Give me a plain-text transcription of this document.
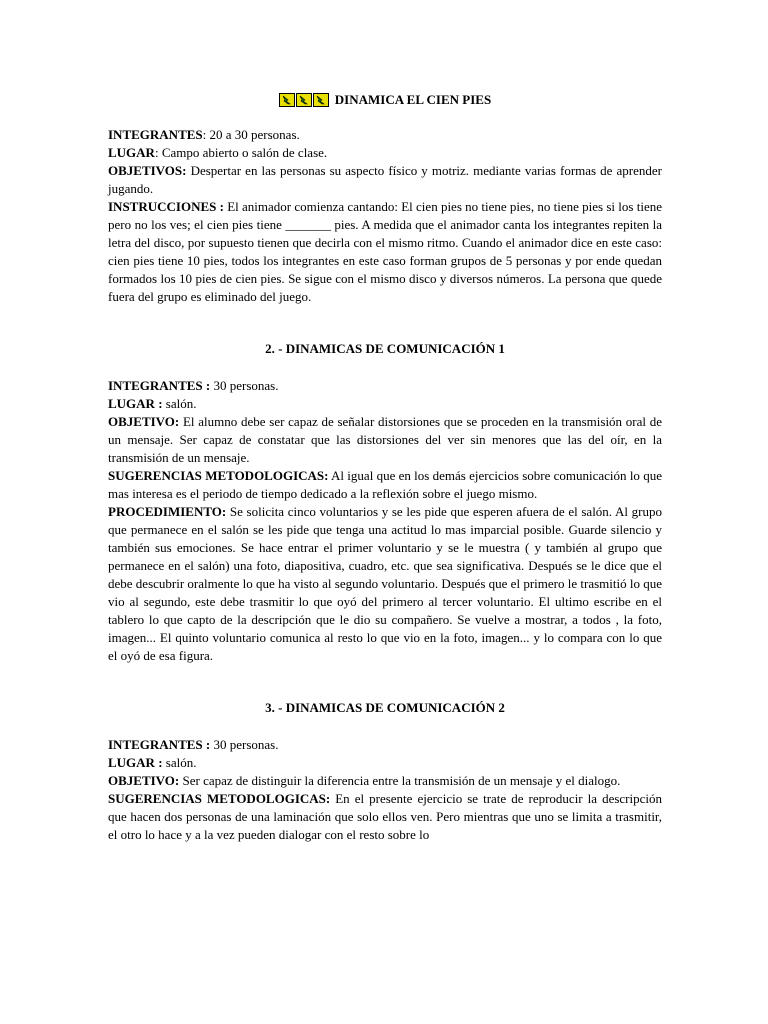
DINAMICA EL CIEN PIES

INTEGRANTES: 20 a 30 personas.

LUGAR: Campo abierto o salón de clase.

OBJETIVOS: Despertar en las personas su aspecto físico y motriz. mediante varias formas de aprender jugando.

INSTRUCCIONES : El animador comienza cantando: El cien pies no tiene pies, no tiene pies si los tiene pero no los ves; el cien pies tiene _______ pies. A medida que el animador canta los integrantes repiten la letra del disco, por supuesto tienen que decirla con el mismo ritmo. Cuando el animador dice en este caso: cien pies tiene 10 pies, todos los integrantes en este caso forman grupos de 5 personas y por ende quedan formados los 10 pies de cien pies. Se sigue con el mismo disco y diversos números. La persona que quede fuera del grupo es eliminado del juego.

2. - DINAMICAS DE COMUNICACIÓN 1

INTEGRANTES : 30 personas.

LUGAR : salón.

OBJETIVO: El alumno debe ser capaz de señalar distorsiones que se proceden en la transmisión oral de un mensaje. Ser capaz de constatar que las distorsiones del ver sin menores que las del oír, en la transmisión de un mensaje.

SUGERENCIAS METODOLOGICAS: Al igual que en los demás ejercicios sobre comunicación lo que mas interesa es el periodo de tiempo dedicado a la reflexión sobre el juego mismo.

PROCEDIMIENTO: Se solicita cinco voluntarios y se les pide que esperen afuera de el salón. Al grupo que permanece en el salón se les pide que tenga una actitud lo mas imparcial posible. Guarde silencio y también sus emociones. Se hace entrar el primer voluntario y se le muestra ( y también al grupo que permanece en el salón) una foto, diapositiva, cuadro, etc. que sea significativa. Después se le dice que el debe descubrir oralmente lo que ha visto al segundo voluntario. Después que el primero le trasmitió lo que vio al segundo, este debe trasmitir lo que oyó del primero al tercer voluntario. El ultimo escribe en el tablero lo que capto de la descripción que le dio su compañero. Se vuelve a mostrar, a todos , la foto, imagen... El quinto voluntario comunica al resto lo que vio en la foto, imagen... y lo compara con lo que el oyó de esa figura.

3. - DINAMICAS DE COMUNICACIÓN 2

INTEGRANTES : 30 personas.

LUGAR : salón.

OBJETIVO: Ser capaz de distinguir la diferencia entre la transmisión de un mensaje y el dialogo.

SUGERENCIAS METODOLOGICAS: En el presente ejercicio se trate de reproducir la descripción que hacen dos personas de una laminación que solo ellos ven. Pero mientras que uno se limita a trasmitir, el otro lo hace y a la vez pueden dialogar con el resto sobre lo
